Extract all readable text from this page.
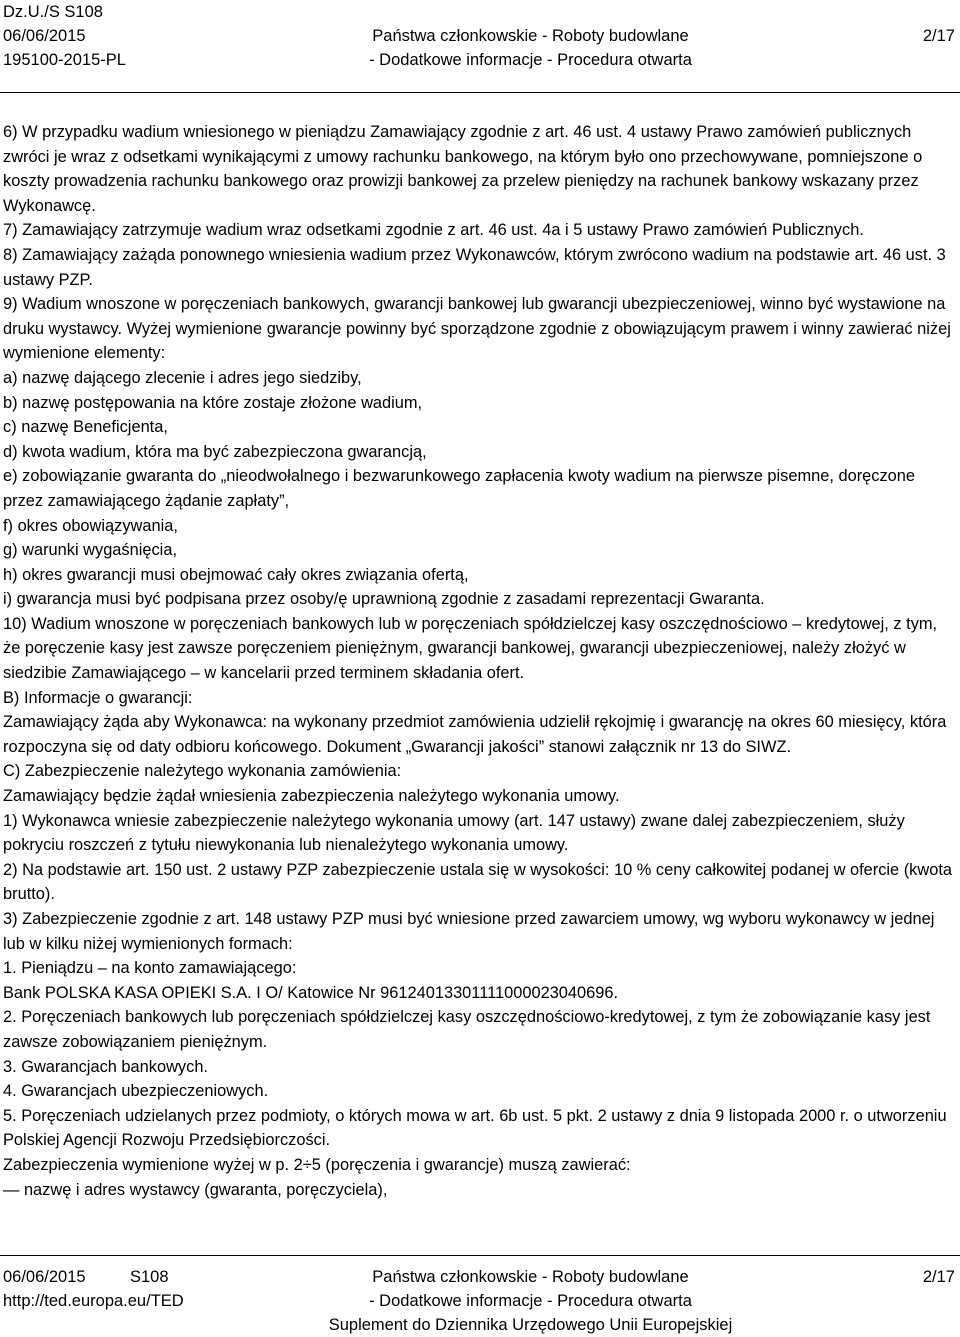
Dz.U./S S108
06/06/2015	Państwa członkowskie - Roboty budowlane	2/17
195100-2015-PL	- Dodatkowe informacje - Procedura otwarta

6) W przypadku wadium wniesionego w pieniądzu Zamawiający zgodnie z art. 46 ust. 4 ustawy Prawo zamówień publicznych zwróci je wraz z odsetkami wynikającymi z umowy rachunku bankowego, na którym było ono przechowywane, pomniejszone o koszty prowadzenia rachunku bankowego oraz prowizji bankowej za przelew pieniędzy na rachunek bankowy wskazany przez Wykonawcę.

7) Zamawiający zatrzymuje wadium wraz odsetkami zgodnie z art. 46 ust. 4a i 5 ustawy Prawo zamówień Publicznych.

8) Zamawiający zażąda ponownego wniesienia wadium przez Wykonawców, którym zwrócono wadium na podstawie art. 46 ust. 3 ustawy PZP.

9) Wadium wnoszone w poręczeniach bankowych, gwarancji bankowej lub gwarancji ubezpieczeniowej, winno być wystawione na druku wystawcy. Wyżej wymienione gwarancje powinny być sporządzone zgodnie z obowiązującym prawem i winny zawierać niżej wymienione elementy:

a) nazwę dającego zlecenie i adres jego siedziby,

b) nazwę postępowania na które zostaje złożone wadium,

c) nazwę Beneficjenta,

d) kwota wadium, która ma być zabezpieczona gwarancją,

e) zobowiązanie gwaranta do „nieodwołalnego i bezwarunkowego zapłacenia kwoty wadium na pierwsze pisemne, doręczone przez zamawiającego żądanie zapłaty”,

f) okres obowiązywania,

g) warunki wygaśnięcia,

h) okres gwarancji musi obejmować cały okres związania ofertą,

i) gwarancja musi być podpisana przez osoby/ę uprawnioną zgodnie z zasadami reprezentacji Gwaranta.

10) Wadium wnoszone w poręczeniach bankowych lub w poręczeniach spółdzielczej kasy oszczędnościowo – kredytowej, z tym, że poręczenie kasy jest zawsze poręczeniem pieniężnym, gwarancji bankowej, gwarancji ubezpieczeniowej, należy złożyć w siedzibie Zamawiającego – w kancelarii przed terminem składania ofert.

B) Informacje o gwarancji:

Zamawiający żąda aby Wykonawca: na wykonany przedmiot zamówienia udzielił rękojmię i gwarancję na okres 60 miesięcy, która rozpoczyna się od daty odbioru końcowego. Dokument „Gwarancji jakości” stanowi załącznik nr 13 do SIWZ.

C) Zabezpieczenie należytego wykonania zamówienia:

Zamawiający będzie żądał wniesienia zabezpieczenia należytego wykonania umowy.

1) Wykonawca wniesie zabezpieczenie należytego wykonania umowy (art. 147 ustawy) zwane dalej zabezpieczeniem, służy pokryciu roszczeń z tytułu niewykonania lub nienależytego wykonania umowy.

2) Na podstawie art. 150 ust. 2 ustawy PZP zabezpieczenie ustala się w wysokości: 10 % ceny całkowitej podanej w ofercie (kwota brutto).

3) Zabezpieczenie zgodnie z art. 148 ustawy PZP musi być wniesione przed zawarciem umowy, wg wyboru wykonawcy w jednej lub w kilku niżej wymienionych formach:

1. Pieniądzu – na konto zamawiającego:

Bank POLSKA KASA OPIEKI S.A. I O/ Katowice Nr 96124013301111000023040696.

2. Poręczeniach bankowych lub poręczeniach spółdzielczej kasy oszczędnościowo-kredytowej, z tym że zobowiązanie kasy jest zawsze zobowiązaniem pieniężnym.

3. Gwarancjach bankowych.

4. Gwarancjach ubezpieczeniowych.

5. Poręczeniach udzielanych przez podmioty, o których mowa w art. 6b ust. 5 pkt. 2 ustawy z dnia 9 listopada 2000 r. o utworzeniu Polskiej Agencji Rozwoju Przedsiębiorczości.

Zabezpieczenia wymienione wyżej w p. 2÷5 (poręczenia i gwarancje) muszą zawierać:

— nazwę i adres wystawcy (gwaranta, poręczyciela),

06/06/2015	S108	Państwa członkowskie - Roboty budowlane	2/17
http://ted.europa.eu/TED	- Dodatkowe informacje - Procedura otwarta
Suplement do Dziennika Urzędowego Unii Europejskiej
